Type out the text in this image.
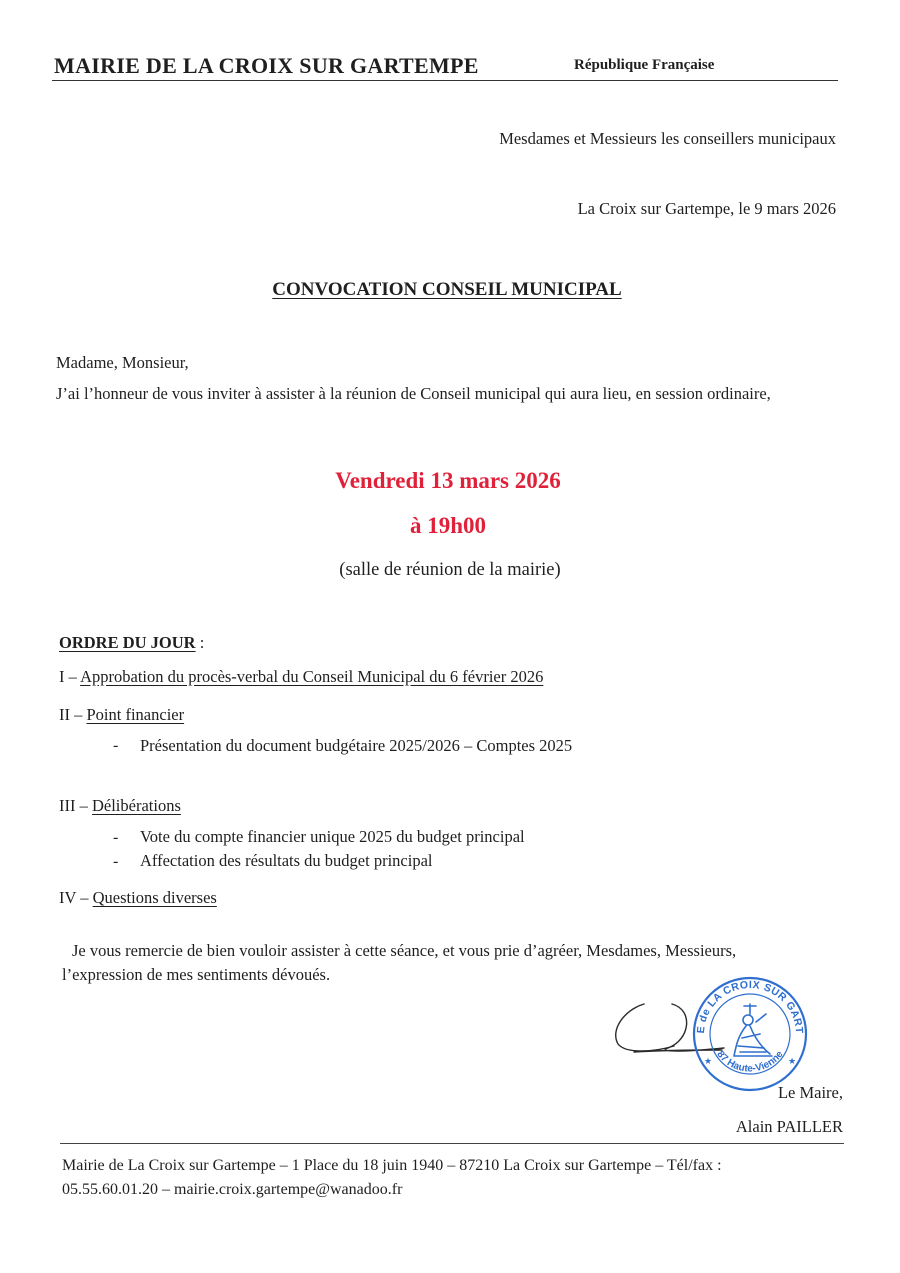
MAIRIE DE LA CROIX SUR GARTEMPE	République Française
Mesdames et Messieurs les conseillers municipaux
La Croix sur Gartempe, le 9 mars 2026
CONVOCATION CONSEIL MUNICIPAL
Madame, Monsieur,
J’ai l’honneur de vous inviter à assister à la réunion de Conseil municipal qui aura lieu, en session ordinaire,
Vendredi 13 mars 2026
à 19h00
(salle de réunion de la mairie)
ORDRE DU JOUR :
I – Approbation du procès-verbal du Conseil Municipal du 6 février 2026
II – Point financier
- Présentation du document budgétaire 2025/2026 – Comptes 2025
III – Délibérations
- Vote du compte financier unique 2025 du budget principal
- Affectation des résultats du budget principal
IV – Questions diverses
Je vous remercie de bien vouloir assister à cette séance, et vous prie d’agréer, Mesdames, Messieurs,
l’expression de mes sentiments dévoués.	MAIRIE de LA CROIX SUR GARTEMPE
87 Haute-Vienne
★	★
Le Maire,
Alain PAILLER
Mairie de La Croix sur Gartempe – 1 Place du 18 juin 1940 – 87210 La Croix sur Gartempe – Tél/fax :
05.55.60.01.20 – mairie.croix.gartempe@wanadoo.fr
